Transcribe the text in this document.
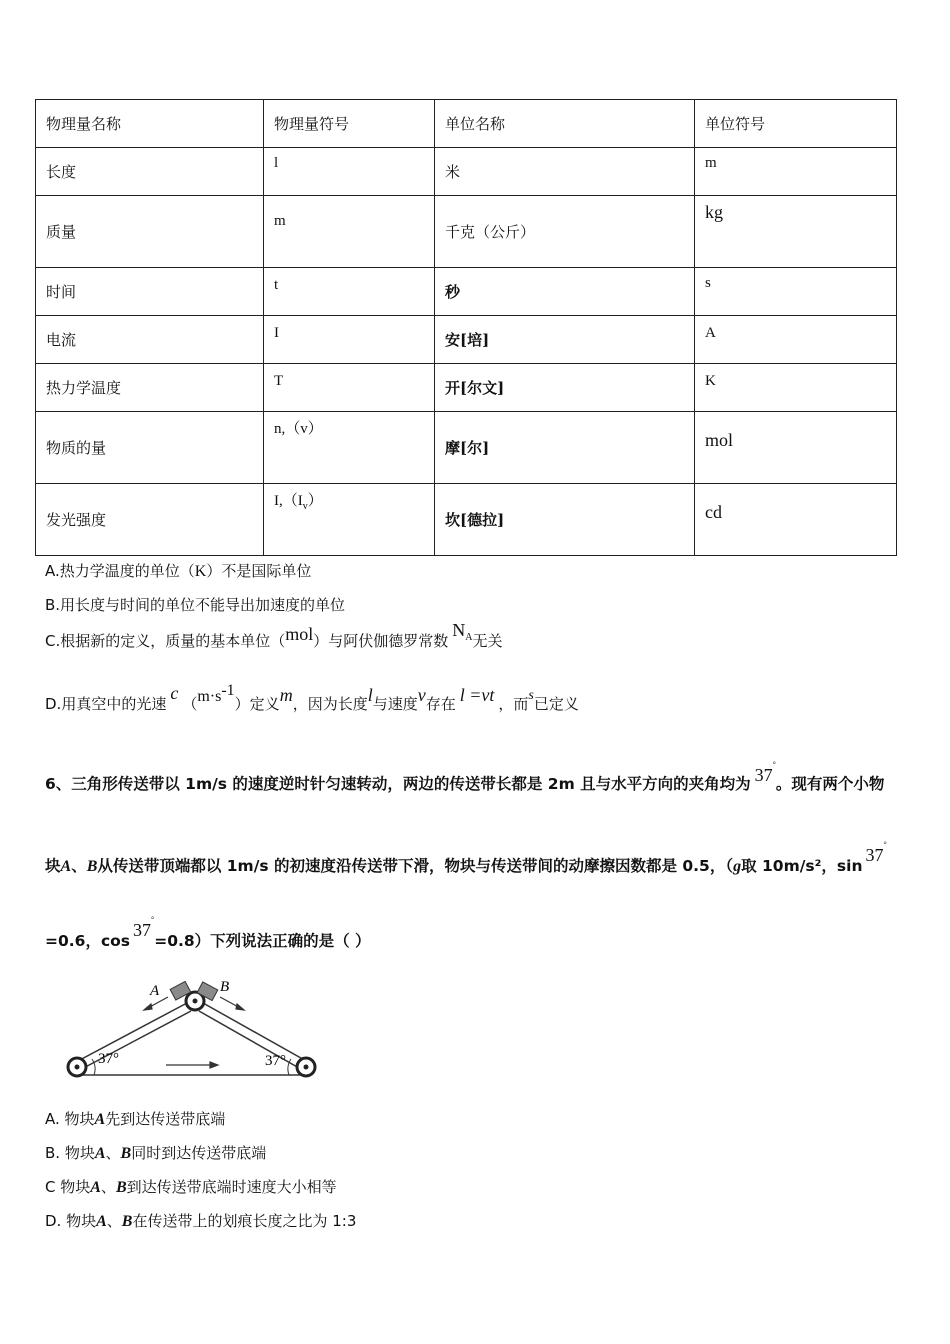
物理量名称	物理量符号	单位名称	单位符号
长度	l	米	m
质量	m	千克（公斤）	kg
时间	t	秒	s
电流	I	安[培]	A
热力学温度	T	开[尔文]	K
物质的量	n,（v）	摩[尔]	mol
发光强度	$I,(I_v)$	坎[德拉]	cd
A.热力学温度的单位（K）不是国际单位
B.用长度与时间的单位不能导出加速度的单位
C.根据新的定义，质量的基本单位（mol）与阿伏伽德罗常数$N^A$无关
D.用真空中的光速$c(m\cdot s^{-1})$定义m，因为长度l与速度v存在 l =vt ，而s已定义
6、三角形传送带以 1m/s 的速度逆时针匀速转动，两边的传送带长都是 2m 且与水平方向的夹角均为 37°。现有两个小物
块A、B从传送带顶端都以 1m/s 的初速度沿传送带下滑，物块与传送带间的动摩擦因数都是 0.5，（g取 10m/s²，sin37°
=0.6，cos37°=0.8）下列说法正确的是（ ）
A	B
37°	37°
A. 物块A先到达传送带底端
B. 物块A、B同时到达传送带底端
C 物块A、B到达传送带底端时速度大小相等
D. 物块A、B在传送带上的划痕长度之比为 1:3
